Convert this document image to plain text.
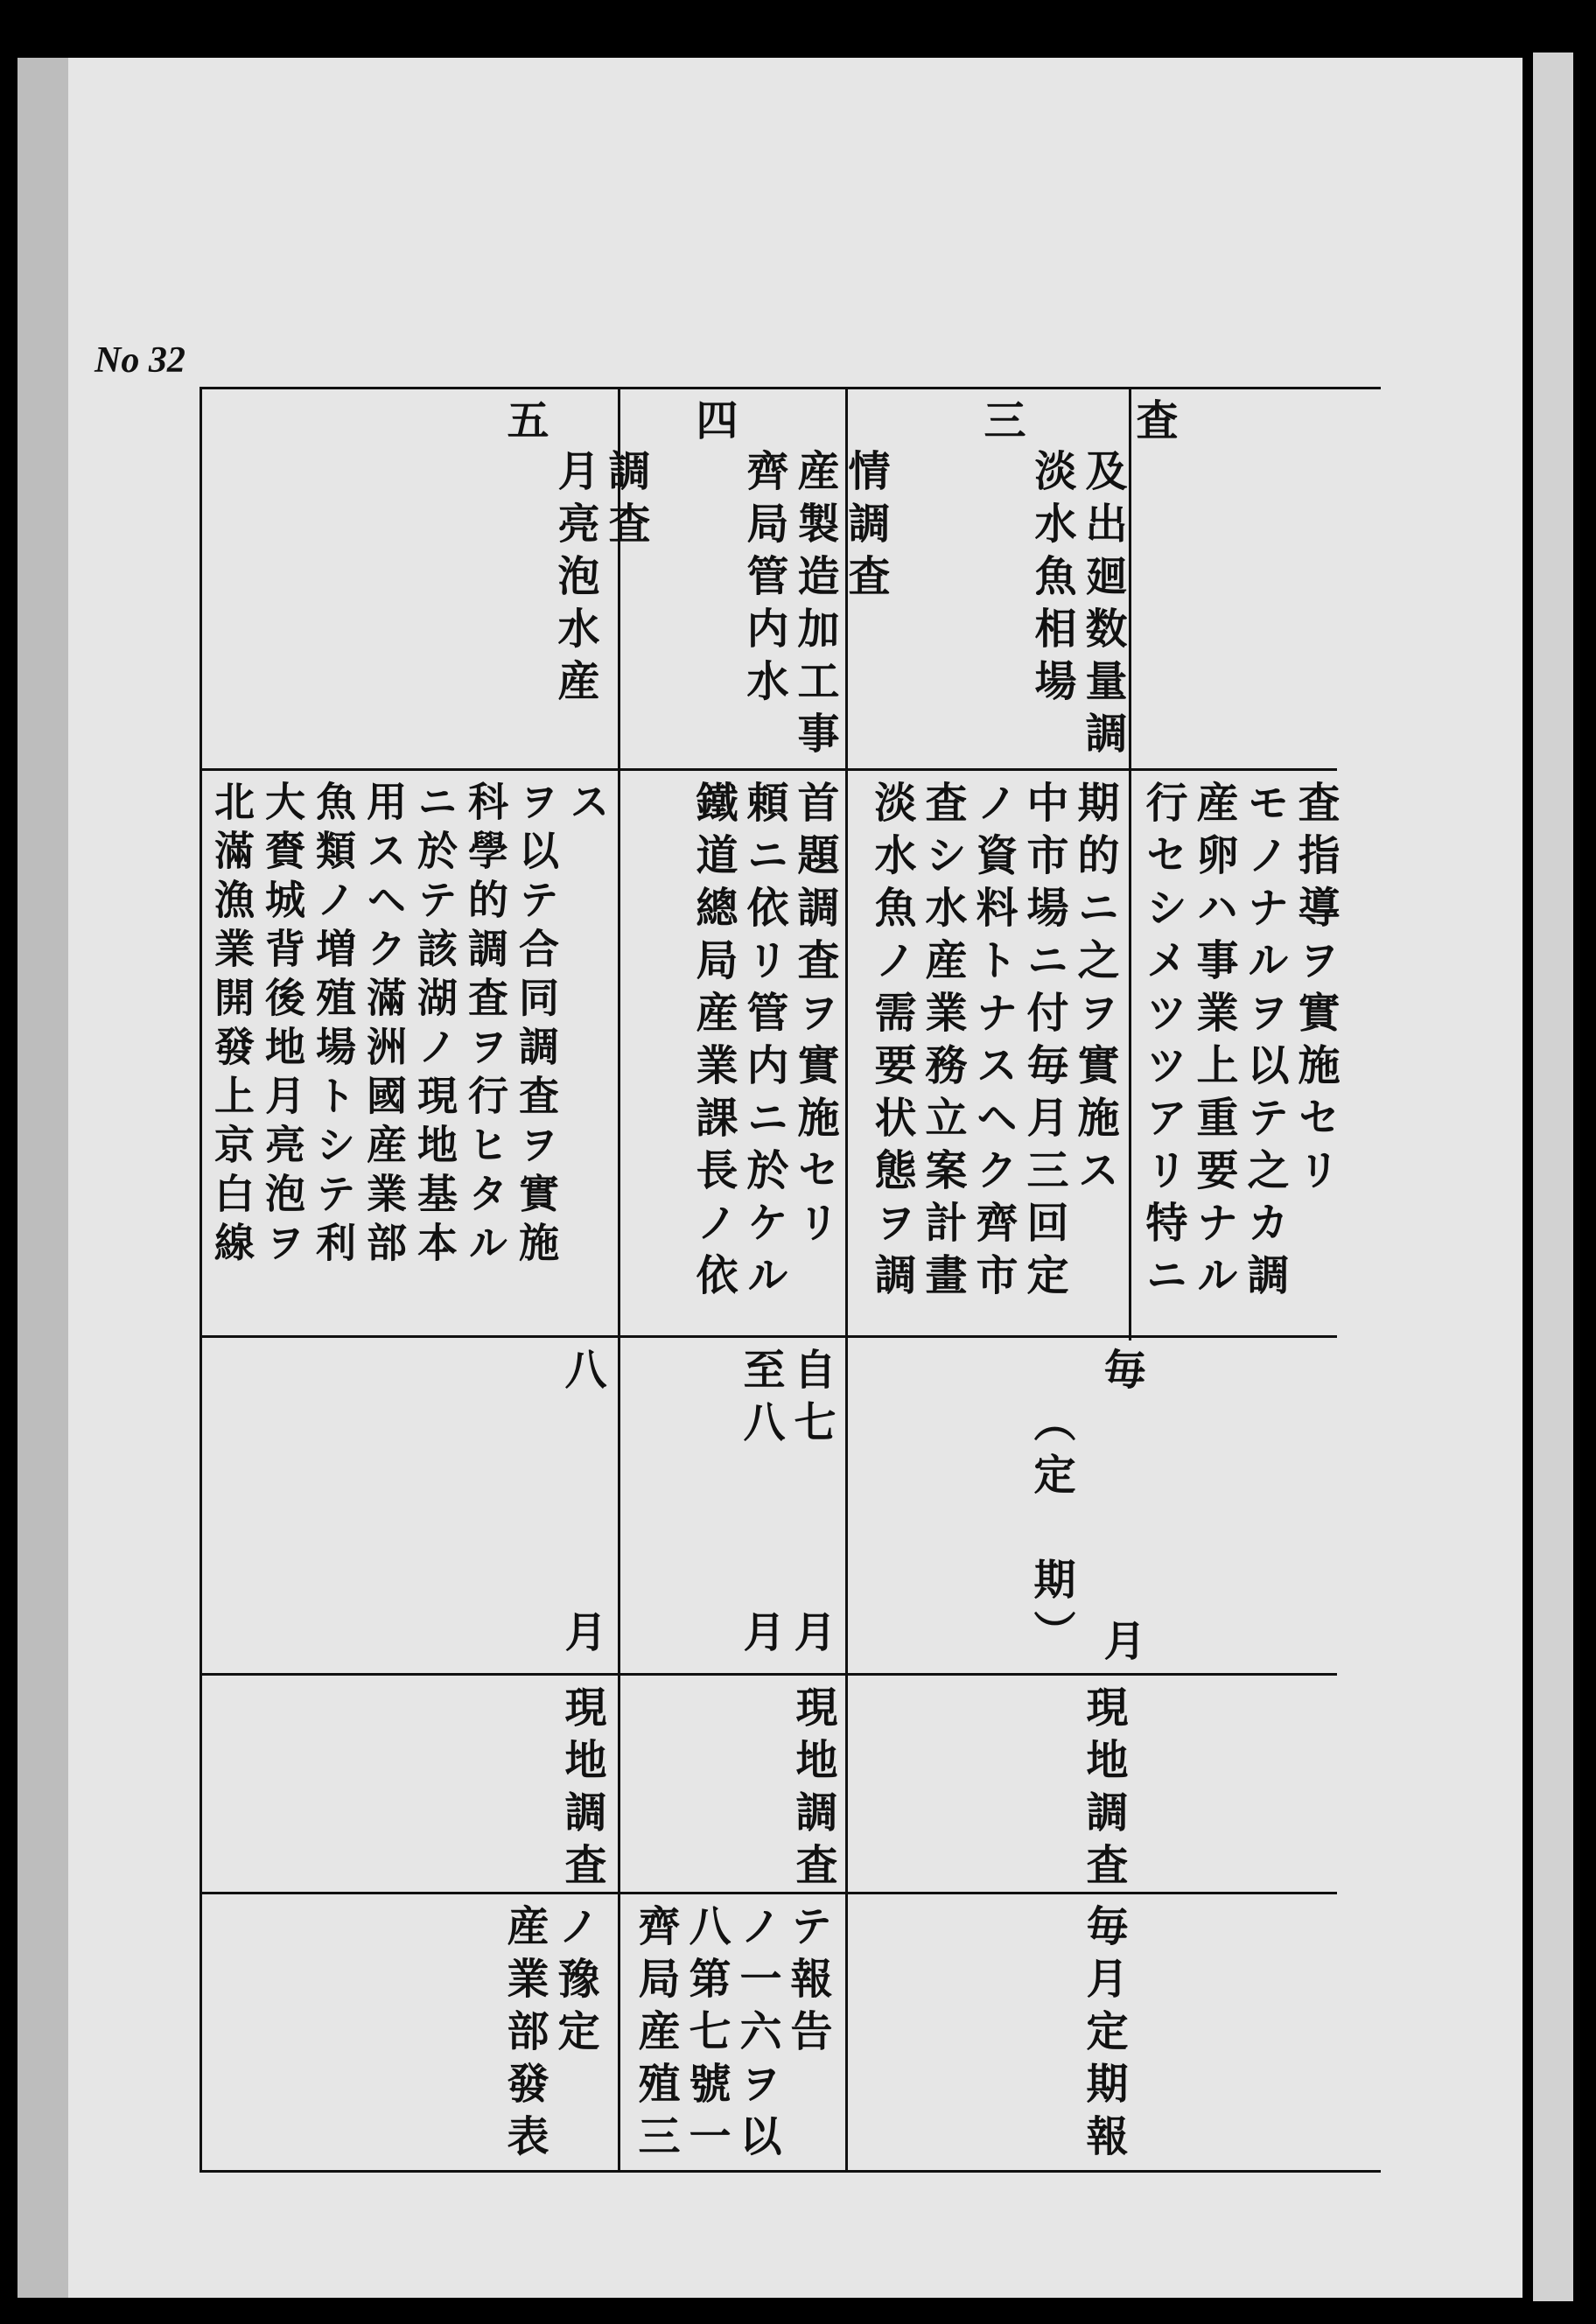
No 32
査
及出廻数量調
淡水魚相場
三
期的ニ之ヲ實施ス
中市場ニ付毎月三回定
ノ資料トナスヘク齊市
査シ水産業務立案計畫
淡水魚ノ需要状態ヲ調
毎
（定
期） 月
現地調査
毎月定期報
情調査
産製造加工事
齊局管内水
四
首題調査ヲ實施セリ
頼ニ依リ管内ニ於ケル
鐵道總局産業課長ノ依
自七
至八
月
月
現地調査
テ報告
ノ一六ヲ以
八第七號一
齊局産殖三
調査
月亮泡水産
五
ス
ヲ以テ合同調査ヲ實施
科學的調査ヲ行ヒタル
ニ於テ該湖ノ現地基本
用スヘク滿洲國産業部
魚類ノ増殖場トシテ利
大賚城背後地月亮泡ヲ
北滿漁業開發上京白線
八
月
現地調査
ノ豫定
産業部發表
査指導ヲ實施セリ
モノナルヲ以テ之カ調
産卵ハ事業上重要ナル
行セシメツツアリ特ニ
